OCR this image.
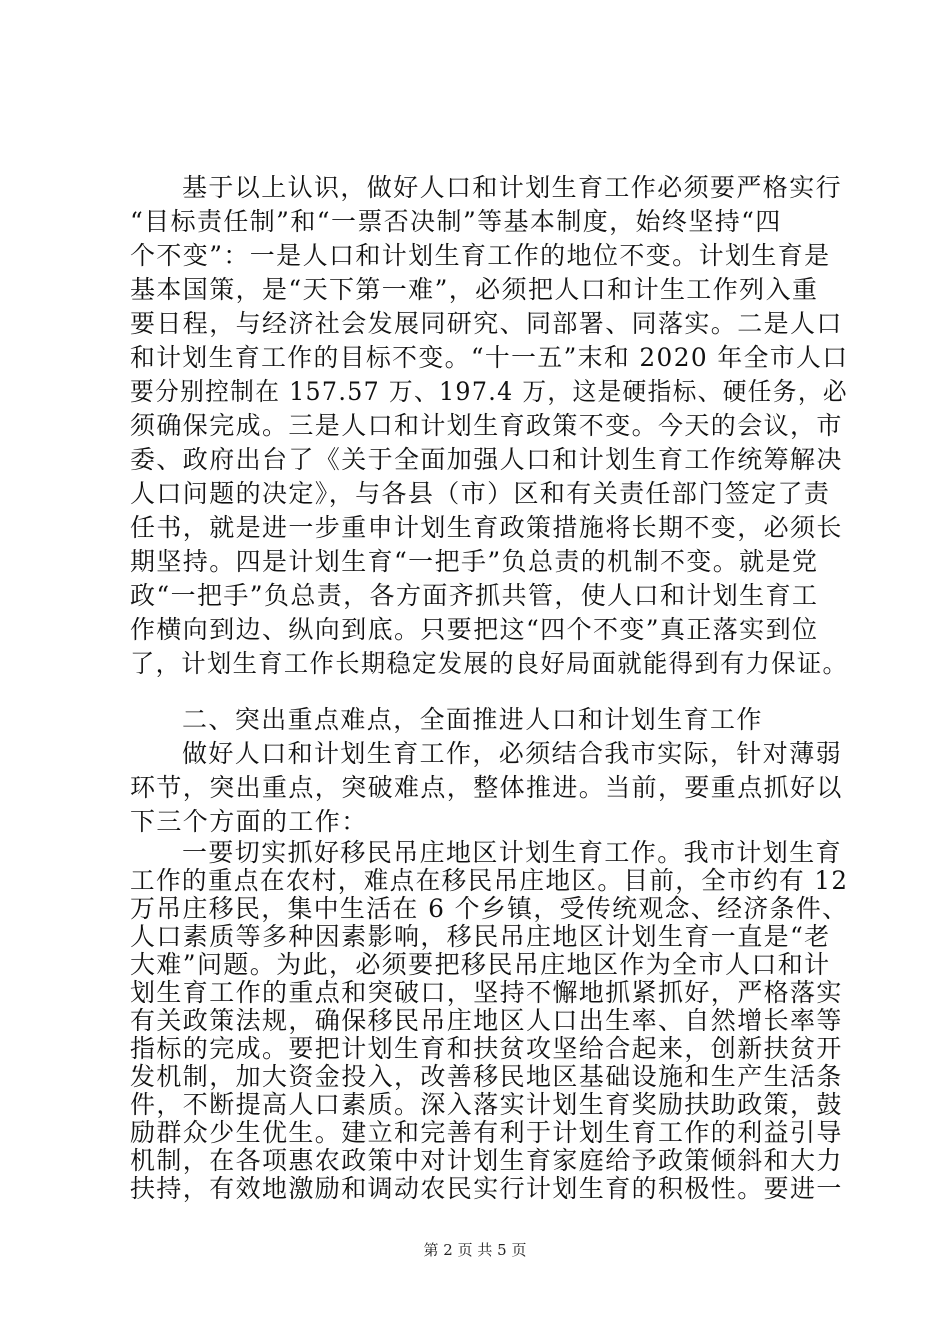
基于以上认识，做好人口和计划生育工作必须要严格实行
“目标责任制”和“一票否决制”等基本制度，始终坚持“四
个不变”：一是人口和计划生育工作的地位不变。计划生育是
基本国策，是“天下第一难”，必须把人口和计生工作列入重
要日程，与经济社会发展同研究、同部署、同落实。二是人口
和计划生育工作的目标不变。“十一五”末和 2020 年全市人口
要分别控制在 157.57 万、197.4 万，这是硬指标、硬任务，必
须确保完成。三是人口和计划生育政策不变。今天的会议，市
委、政府出台了《关于全面加强人口和计划生育工作统筹解决
人口问题的决定》，与各县（市）区和有关责任部门签定了责
任书，就是进一步重申计划生育政策措施将长期不变，必须长
期坚持。四是计划生育“一把手”负总责的机制不变。就是党
政“一把手”负总责，各方面齐抓共管，使人口和计划生育工
作横向到边、纵向到底。只要把这“四个不变”真正落实到位
了，计划生育工作长期稳定发展的良好局面就能得到有力保证。
二、突出重点难点，全面推进人口和计划生育工作
做好人口和计划生育工作，必须结合我市实际，针对薄弱
环节，突出重点，突破难点，整体推进。当前，要重点抓好以
下三个方面的工作：
一要切实抓好移民吊庄地区计划生育工作。我市计划生育
工作的重点在农村，难点在移民吊庄地区。目前，全市约有 12
万吊庄移民，集中生活在 6 个乡镇，受传统观念、经济条件、
人口素质等多种因素影响，移民吊庄地区计划生育一直是“老
大难”问题。为此，必须要把移民吊庄地区作为全市人口和计
划生育工作的重点和突破口，坚持不懈地抓紧抓好，严格落实
有关政策法规，确保移民吊庄地区人口出生率、自然增长率等
指标的完成。要把计划生育和扶贫攻坚给合起来，创新扶贫开
发机制，加大资金投入，改善移民地区基础设施和生产生活条
件，不断提高人口素质。深入落实计划生育奖励扶助政策，鼓
励群众少生优生。建立和完善有利于计划生育工作的利益引导
机制，在各项惠农政策中对计划生育家庭给予政策倾斜和大力
扶持，有效地激励和调动农民实行计划生育的积极性。要进一
第 2 页 共 5 页
